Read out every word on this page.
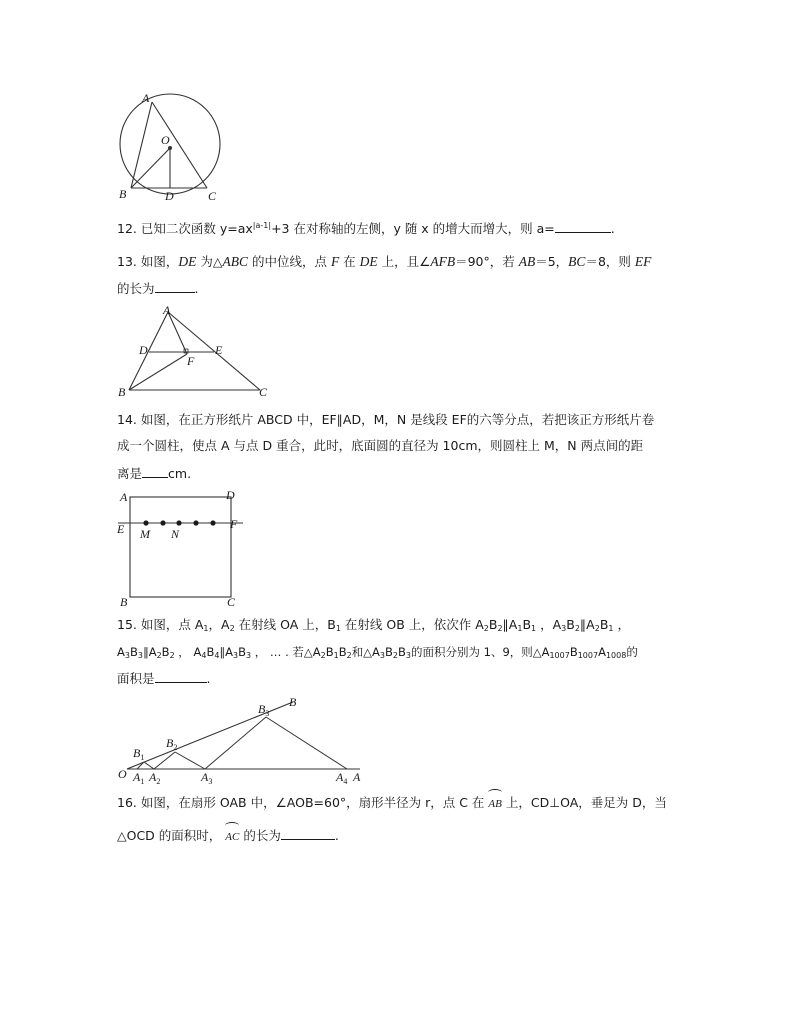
A
O
B	D	C
12. 已知二次函数 $y=ax^{|a-1|}+3$ 在对称轴的左侧，y 随 x 的增大而增大，则 a=	.
13. 如图，DE 为△ABC 的中位线，点 F 在 DE 上，且∠AFB＝90°，若 AB＝5，BC＝8，则 EF
的长为	.
A
D	E
F
B	C
14. 如图，在正方形纸片 ABCD 中，EF∥AD，M，N 是线段 EF的六等分点，若把该正方形纸片卷
成一个圆柱，使点 A 与点 D 重合，此时，底面圆的直径为 10cm，则圆柱上 M，N 两点间的距
离是 cm.
A	D
E	F
M N
B	C
15. 如图，点 $A_1$，$A_2$ 在射线 OA 上，$B_1$ 在射线 OB 上，依次作 $A_2B_2\parallel A_1B_1$ ，$A_3B_2\parallel A_2B_1$ ，
$A_3B_3\parallel A_2B_2$ ， $A_4B_4\parallel A_3B_3$ ， … . 若$\triangle A_2B_1B_2$和$\triangle A_3B_2B_3$的面积分别为 1、9，则$\triangle A_{1007}B_{1007}A_{1008}$的
面积是	.
$B_3$
B
$B_2$
$B_1$
O $A_1$ $A_2$	$A_3$	$A_4$ A
16. 如图，在扇形 OAB 中，∠AOB=60°，扇形半径为 r，点 C 在 AB 上，CD⊥OA，垂足为 D，当
△OCD 的面积时， AC 的长为	.
